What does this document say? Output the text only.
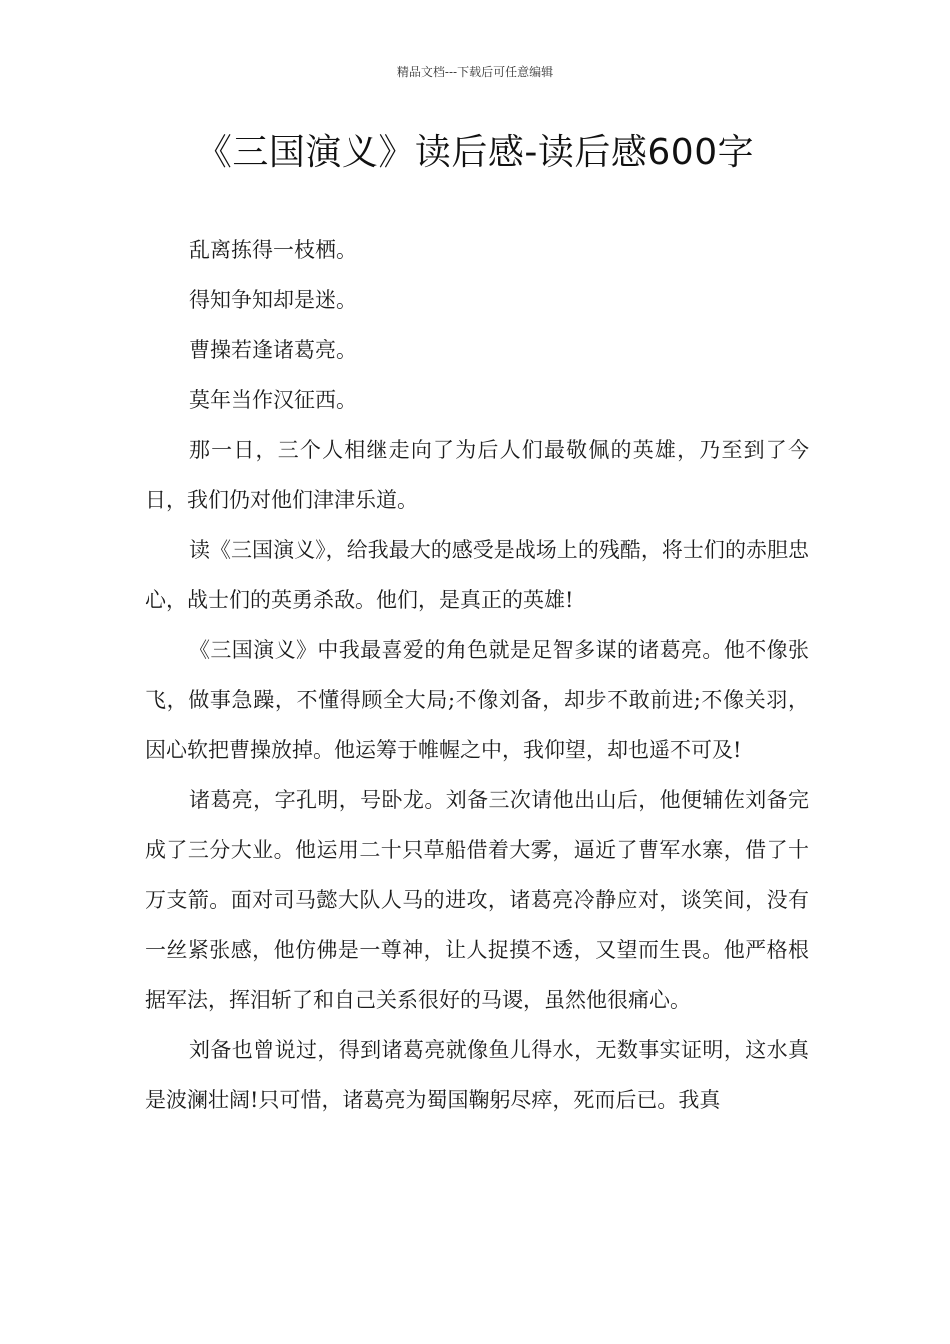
精品文档---下载后可任意编辑
《三国演义》读后感-读后感600字

乱离拣得一枝栖。

得知争知却是迷。

曹操若逢诸葛亮。

莫年当作汉征西。

那一日，三个人相继走向了为后人们最敬佩的英雄，乃至到了今日，我们仍对他们津津乐道。

读《三国演义》，给我最大的感受是战场上的残酷，将士们的赤胆忠心，战士们的英勇杀敌。他们，是真正的英雄!

《三国演义》中我最喜爱的角色就是足智多谋的诸葛亮。他不像张飞，做事急躁，不懂得顾全大局;不像刘备，却步不敢前进;不像关羽，因心软把曹操放掉。他运筹于帷幄之中，我仰望，却也遥不可及!

诸葛亮，字孔明，号卧龙。刘备三次请他出山后，他便辅佐刘备完成了三分大业。他运用二十只草船借着大雾，逼近了曹军水寨，借了十万支箭。面对司马懿大队人马的进攻，诸葛亮冷静应对，谈笑间，没有一丝紧张感，他仿佛是一尊神，让人捉摸不透，又望而生畏。他严格根据军法，挥泪斩了和自己关系很好的马谡，虽然他很痛心。

刘备也曾说过，得到诸葛亮就像鱼儿得水，无数事实证明，这水真是波澜壮阔!只可惜，诸葛亮为蜀国鞠躬尽瘁，死而后已。我真
